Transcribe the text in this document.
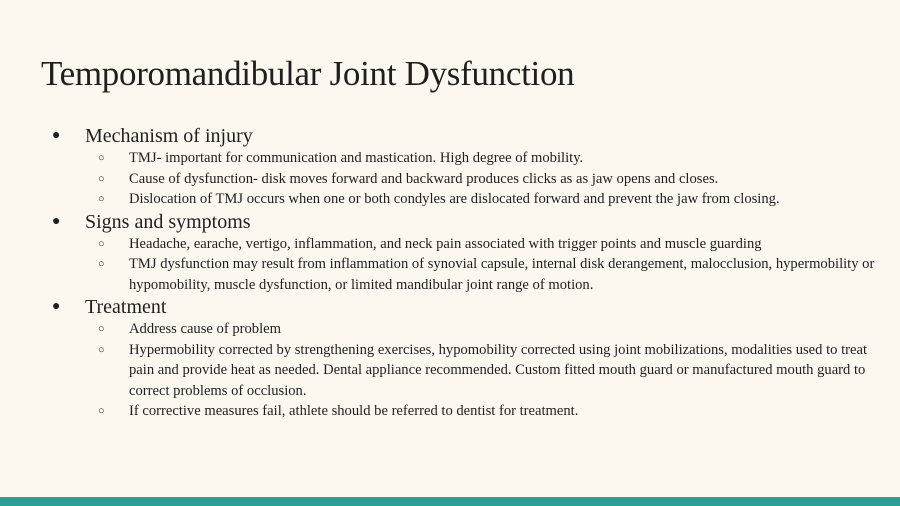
Temporomandibular Joint Dysfunction

● Mechanism of injury

○ TMJ- important for communication and mastication. High degree of mobility.

○ Cause of dysfunction- disk moves forward and backward produces clicks as as jaw opens and closes.

○ Dislocation of TMJ occurs when one or both condyles are dislocated forward and prevent the jaw from closing.

● Signs and symptoms

○ Headache, earache, vertigo, inflammation, and neck pain associated with trigger points and muscle guarding

○ TMJ dysfunction may result from inflammation of synovial capsule, internal disk derangement, malocclusion, hypermobility or hypomobility, muscle dysfunction, or limited mandibular joint range of motion.

● Treatment

○ Address cause of problem

○ Hypermobility corrected by strengthening exercises, hypomobility corrected using joint mobilizations, modalities used to treat pain and provide heat as needed. Dental appliance recommended. Custom fitted mouth guard or manufactured mouth guard to correct problems of occlusion.

○ If corrective measures fail, athlete should be referred to dentist for treatment.
